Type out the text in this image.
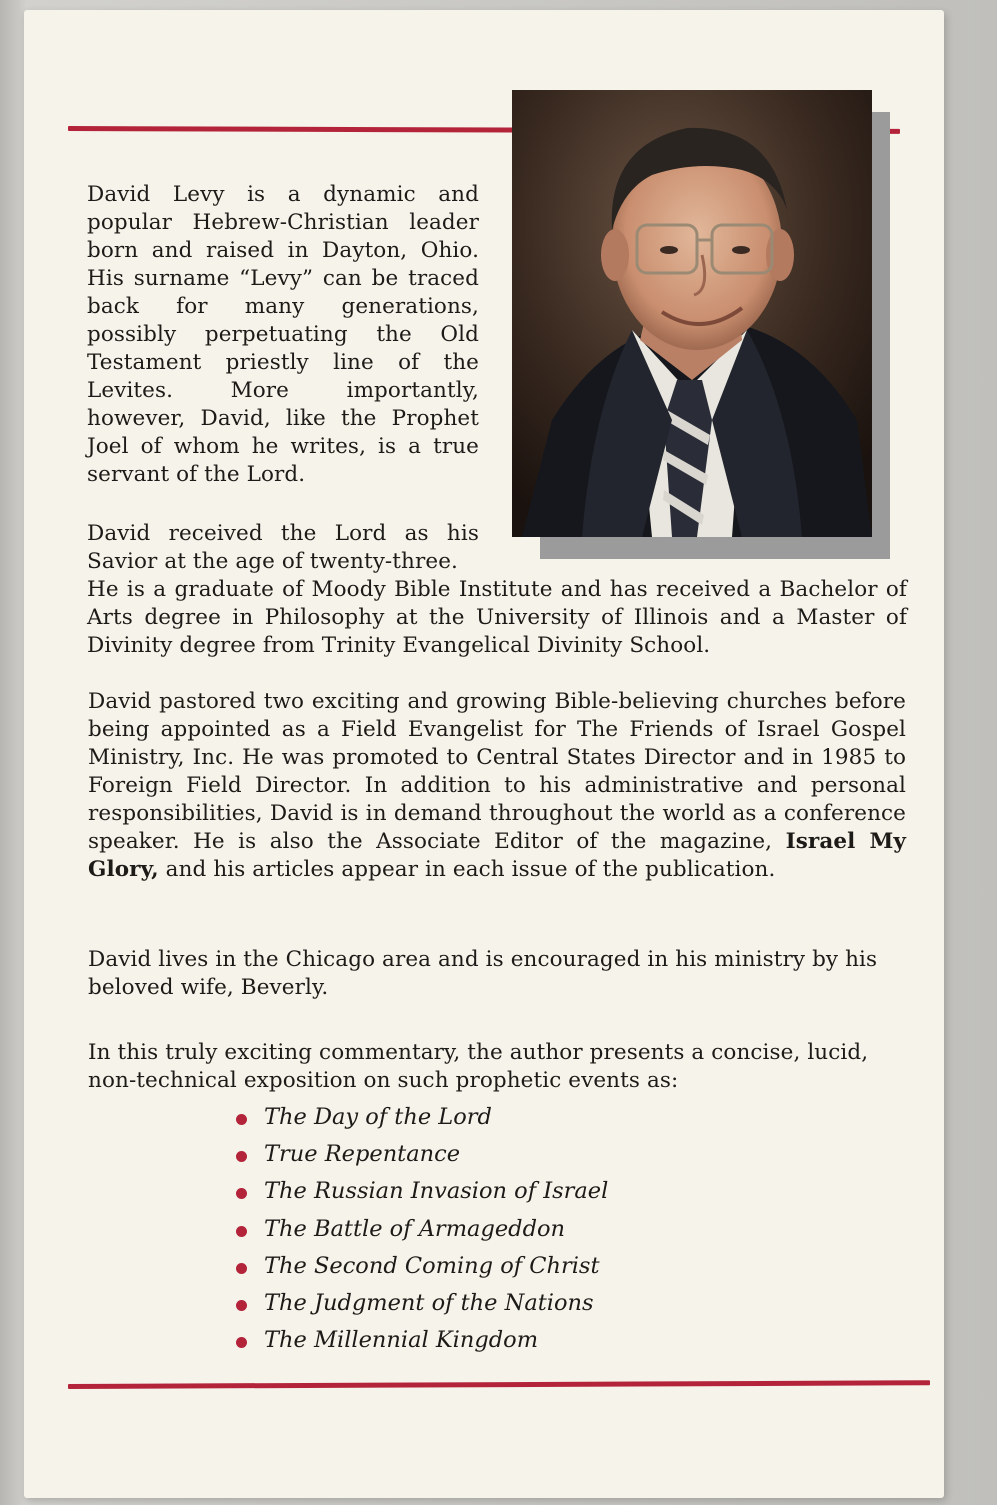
David Levy is a dynamic and popular Hebrew-Christian leader born and raised in Dayton, Ohio. His surname “Levy” can be traced back for many generations, possibly perpetuating the Old Testament priestly line of the Levites. More importantly, however, David, like the Prophet Joel of whom he writes, is a true servant of the Lord.
David received the Lord as his Savior at the age of twenty-three.
He is a graduate of Moody Bible Institute and has received a Bachelor of Arts degree in Philosophy at the University of Illinois and a Master of Divinity degree from Trinity Evangelical Divinity School.
David pastored two exciting and growing Bible-believing churches before being appointed as a Field Evangelist for The Friends of Israel Gospel Ministry, Inc. He was promoted to Central States Director and in 1985 to Foreign Field Director. In addition to his administrative and personal responsibilities, David is in demand throughout the world as a conference speaker. He is also the Associate Editor of the magazine, Israel My Glory, and his articles appear in each issue of the publication.
David lives in the Chicago area and is encouraged in his ministry by his beloved wife, Beverly.
In this truly exciting commentary, the author presents a concise, lucid, non-technical exposition on such prophetic events as:
The Day of the Lord
True Repentance
The Russian Invasion of Israel
The Battle of Armageddon
The Second Coming of Christ
The Judgment of the Nations
The Millennial Kingdom
